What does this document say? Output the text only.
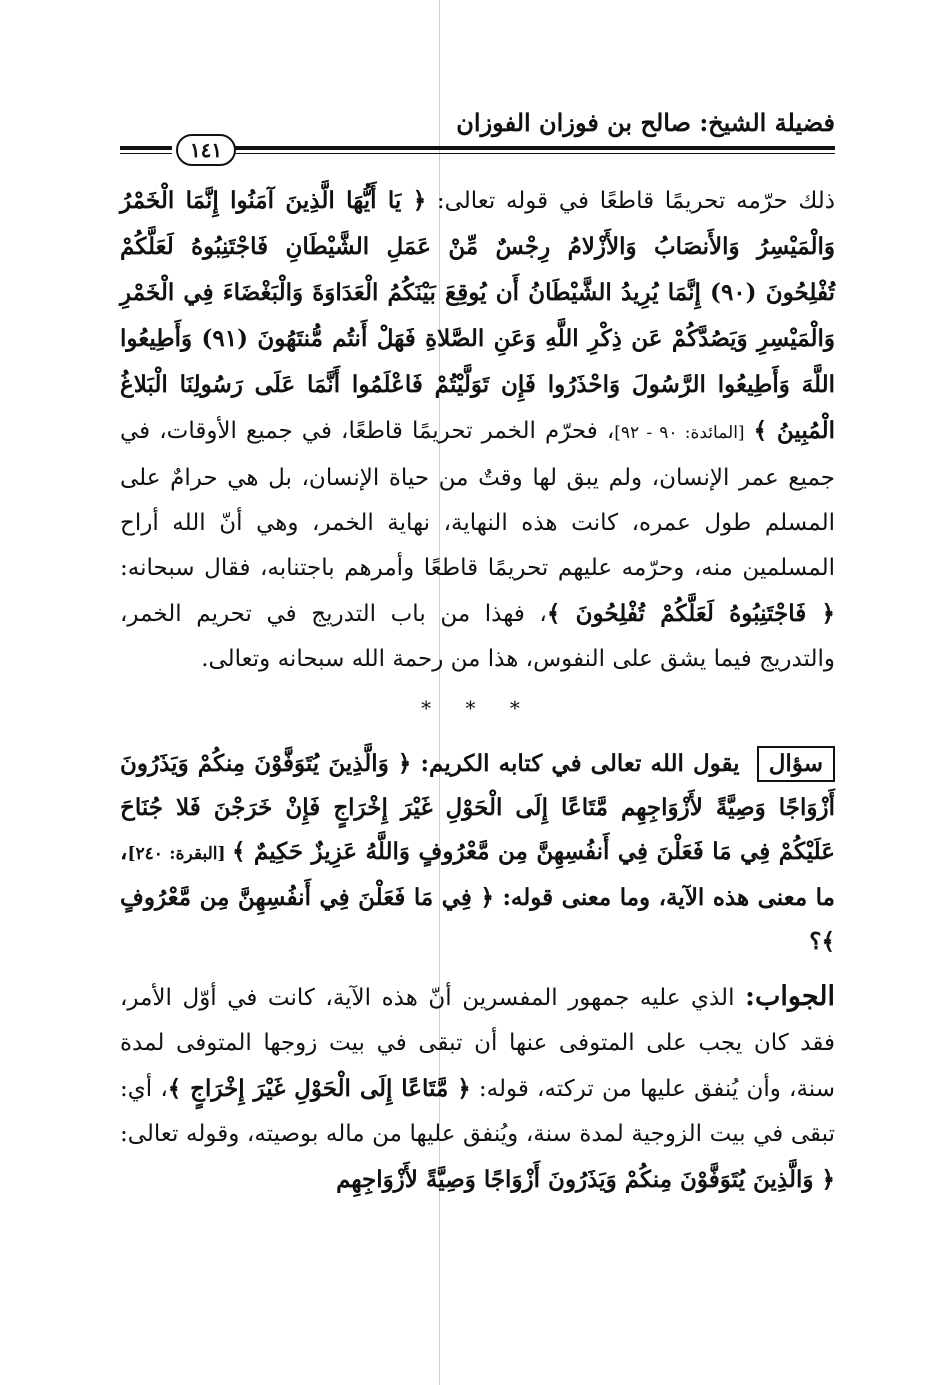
فضيلة الشيخ: صالح بن فوزان الفوزان
١٤١

ذلك حرّمه تحريمًا قاطعًا في قوله تعالى: ﴿ يَا أَيُّهَا الَّذِينَ آمَنُوا إِنَّمَا الْخَمْرُ وَالْمَيْسِرُ وَالأَنصَابُ وَالأَزْلامُ رِجْسٌ مِّنْ عَمَلِ الشَّيْطَانِ فَاجْتَنِبُوهُ لَعَلَّكُمْ تُفْلِحُونَ (٩٠) إِنَّمَا يُرِيدُ الشَّيْطَانُ أَن يُوقِعَ بَيْنَكُمُ الْعَدَاوَةَ وَالْبَغْضَاءَ فِي الْخَمْرِ وَالْمَيْسِرِ وَيَصُدَّكُمْ عَن ذِكْرِ اللَّهِ وَعَنِ الصَّلاةِ فَهَلْ أَنتُم مُّنتَهُونَ (٩١) وَأَطِيعُوا اللَّهَ وَأَطِيعُوا الرَّسُولَ وَاحْذَرُوا فَإِن تَوَلَّيْتُمْ فَاعْلَمُوا أَنَّمَا عَلَى رَسُولِنَا الْبَلاغُ الْمُبِينُ ﴾ [المائدة: ٩٠ - ٩٢]، فحرّم الخمر تحريمًا قاطعًا، في جميع الأوقات، في جميع عمر الإنسان، ولم يبق لها وقتٌ من حياة الإنسان، بل هي حرامٌ على المسلم طول عمره، كانت هذه النهاية، نهاية الخمر، وهي أنّ الله أراح المسلمين منه، وحرّمه عليهم تحريمًا قاطعًا وأمرهم باجتنابه، فقال سبحانه: ﴿ فَاجْتَنِبُوهُ لَعَلَّكُمْ تُفْلِحُونَ ﴾، فهذا من باب التدريج في تحريم الخمر، والتدريج فيما يشق على النفوس، هذا من رحمة الله سبحانه وتعالى.

* * *

سؤال يقول الله تعالى في كتابه الكريم: ﴿ وَالَّذِينَ يُتَوَفَّوْنَ مِنكُمْ وَيَذَرُونَ أَزْوَاجًا وَصِيَّةً لأَزْوَاجِهِم مَّتَاعًا إِلَى الْحَوْلِ غَيْرَ إِخْرَاجٍ فَإِنْ خَرَجْنَ فَلا جُنَاحَ عَلَيْكُمْ فِي مَا فَعَلْنَ فِي أَنفُسِهِنَّ مِن مَّعْرُوفٍ وَاللَّهُ عَزِيزٌ حَكِيمٌ ﴾ [البقرة: ٢٤٠]، ما معنى هذه الآية، وما معنى قوله: ﴿ فِي مَا فَعَلْنَ فِي أَنفُسِهِنَّ مِن مَّعْرُوفٍ ﴾؟

الجواب: الذي عليه جمهور المفسرين أنّ هذه الآية، كانت في أوّل الأمر، فقد كان يجب على المتوفى عنها أن تبقى في بيت زوجها المتوفى لمدة سنة، وأن يُنفق عليها من تركته، قوله: ﴿ مَّتَاعًا إِلَى الْحَوْلِ غَيْرَ إِخْرَاجٍ ﴾، أي: تبقى في بيت الزوجية لمدة سنة، ويُنفق عليها من ماله بوصيته، وقوله تعالى: ﴿ وَالَّذِينَ يُتَوَفَّوْنَ مِنكُمْ وَيَذَرُونَ أَزْوَاجًا وَصِيَّةً لأَزْوَاجِهِم
